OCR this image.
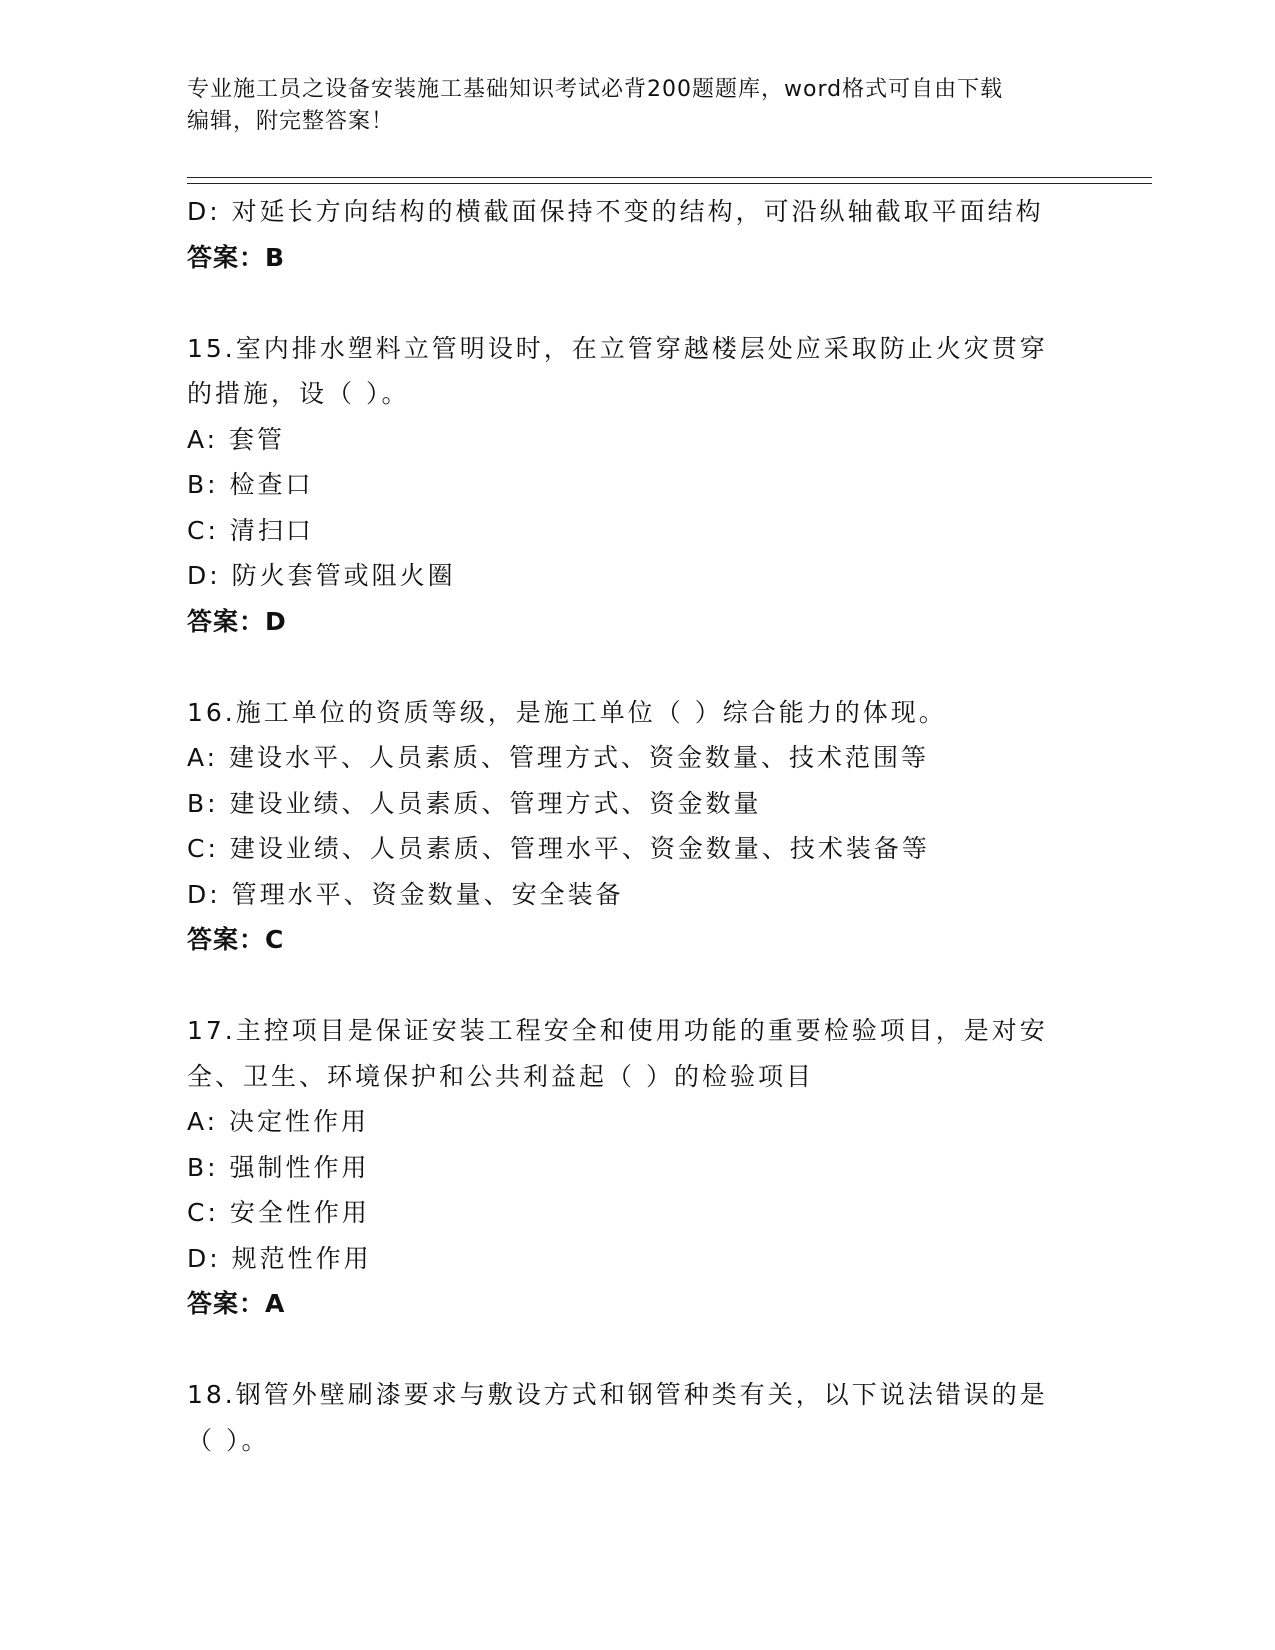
专业施工员之设备安装施工基础知识考试必背200题题库，word格式可自由下载
编辑，附完整答案！

D: 对延长方向结构的横截面保持不变的结构，可沿纵轴截取平面结构

答案：B

15.室内排水塑料立管明设时，在立管穿越楼层处应采取防止火灾贯穿

的措施，设（ ）。

A: 套管

B: 检查口

C: 清扫口

D: 防火套管或阻火圈

答案：D

16.施工单位的资质等级，是施工单位（ ）综合能力的体现。

A: 建设水平、人员素质、管理方式、资金数量、技术范围等

B: 建设业绩、人员素质、管理方式、资金数量

C: 建设业绩、人员素质、管理水平、资金数量、技术装备等

D: 管理水平、资金数量、安全装备

答案：C

17.主控项目是保证安装工程安全和使用功能的重要检验项目，是对安

全、卫生、环境保护和公共利益起（ ）的检验项目

A: 决定性作用

B: 强制性作用

C: 安全性作用

D: 规范性作用

答案：A

18.钢管外壁刷漆要求与敷设方式和钢管种类有关，以下说法错误的是

（ ）。
